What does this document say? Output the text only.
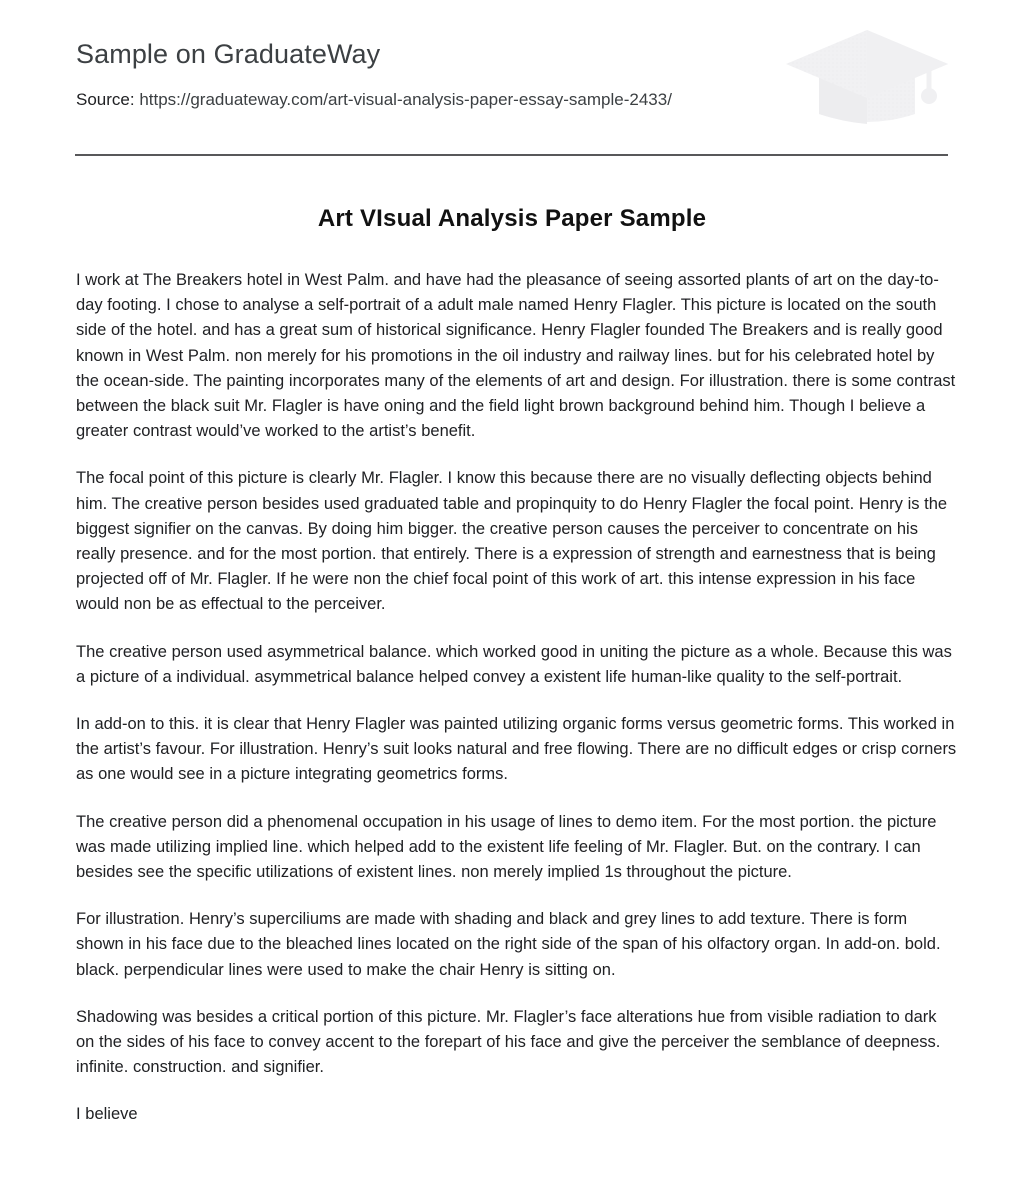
Sample on GraduateWay
Source: https://graduateway.com/art-visual-analysis-paper-essay-sample-2433/
Art VIsual Analysis Paper Sample

I work at The Breakers hotel in West Palm. and have had the pleasance of seeing assorted plants of art on the day-to-day footing. I chose to analyse a self-portrait of a adult male named Henry Flagler. This picture is located on the south side of the hotel. and has a great sum of historical significance. Henry Flagler founded The Breakers and is really good known in West Palm. non merely for his promotions in the oil industry and railway lines. but for his celebrated hotel by the ocean-side. The painting incorporates many of the elements of art and design. For illustration. there is some contrast between the black suit Mr. Flagler is have oning and the field light brown background behind him. Though I believe a greater contrast would’ve worked to the artist’s benefit.

The focal point of this picture is clearly Mr. Flagler. I know this because there are no visually deflecting objects behind him. The creative person besides used graduated table and propinquity to do Henry Flagler the focal point. Henry is the biggest signifier on the canvas. By doing him bigger. the creative person causes the perceiver to concentrate on his really presence. and for the most portion. that entirely. There is a expression of strength and earnestness that is being projected off of Mr. Flagler. If he were non the chief focal point of this work of art. this intense expression in his face would non be as effectual to the perceiver.

The creative person used asymmetrical balance. which worked good in uniting the picture as a whole. Because this was a picture of a individual. asymmetrical balance helped convey a existent life human-like quality to the self-portrait.

In add-on to this. it is clear that Henry Flagler was painted utilizing organic forms versus geometric forms. This worked in the artist’s favour. For illustration. Henry’s suit looks natural and free flowing. There are no difficult edges or crisp corners as one would see in a picture integrating geometrics forms.

The creative person did a phenomenal occupation in his usage of lines to demo item. For the most portion. the picture was made utilizing implied line. which helped add to the existent life feeling of Mr. Flagler. But. on the contrary. I can besides see the specific utilizations of existent lines. non merely implied 1s throughout the picture.

For illustration. Henry’s superciliums are made with shading and black and grey lines to add texture. There is form shown in his face due to the bleached lines located on the right side of the span of his olfactory organ. In add-on. bold. black. perpendicular lines were used to make the chair Henry is sitting on.

Shadowing was besides a critical portion of this picture. Mr. Flagler’s face alterations hue from visible radiation to dark on the sides of his face to convey accent to the forepart of his face and give the perceiver the semblance of deepness. infinite. construction. and signifier.

I believe
